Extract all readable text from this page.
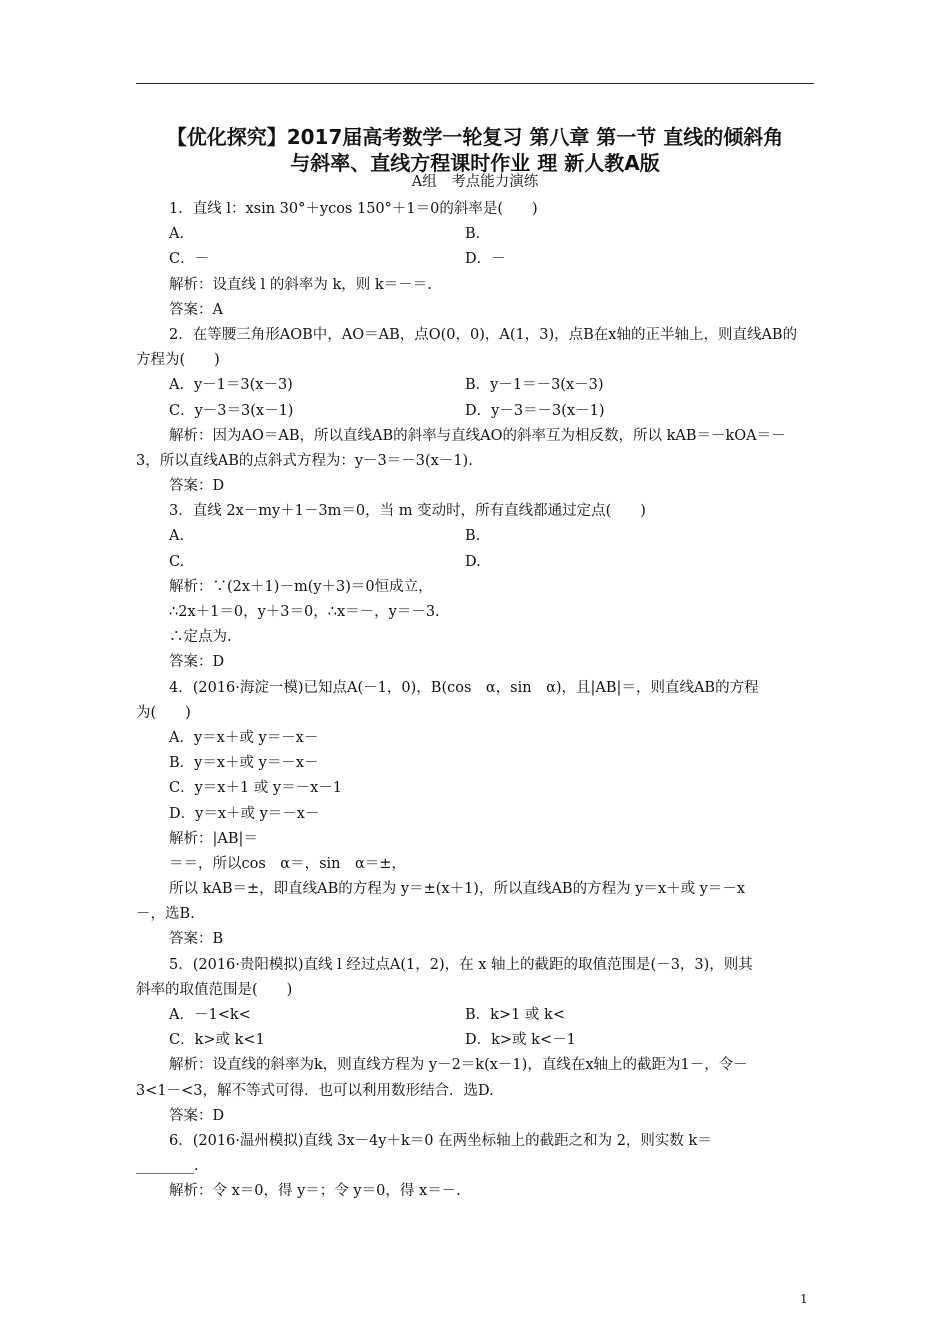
【优化探究】2017届高考数学一轮复习 第八章 第一节 直线的倾斜角
与斜率、直线方程课时作业 理 新人教A版
A组　考点能力演练
1．直线 l：xsin 30°＋ycos 150°＋1＝0的斜率是(　　)
A.	B.
C．－	D．－
解析：设直线 l 的斜率为 k，则 k＝－＝.
答案：A
2．在等腰三角形AOB中，AO＝AB，点O(0，0)，A(1，3)，点B在x轴的正半轴上，则直线AB的
方程为(　　)
A．y－1＝3(x－3)	B．y－1＝－3(x－3)
C．y－3＝3(x－1)	D．y－3＝－3(x－1)
解析：因为AO＝AB，所以直线AB的斜率与直线AO的斜率互为相反数，所以 kAB＝－kOA＝－
3，所以直线AB的点斜式方程为：y－3＝－3(x－1).
答案：D
3．直线 2x－my＋1－3m＝0，当 m 变动时，所有直线都通过定点(　　)
A.	B.
C.	D.
解析：∵(2x＋1)－m(y＋3)＝0恒成立，
∴2x＋1＝0，y＋3＝0，∴x＝－，y＝－3.
∴定点为.
答案：D
4．(2016·海淀一模)已知点A(－1，0)，B(cos　α，sin　α)，且|AB|＝，则直线AB的方程
为(　　)
A．y＝x＋或 y＝－x－
B．y＝x＋或 y＝－x－
C．y＝x＋1 或 y＝－x－1
D．y＝x＋或 y＝－x－
解析：|AB|＝
＝＝，所以cos　α＝，sin　α＝±，
所以 kAB＝±，即直线AB的方程为 y＝±(x＋1)，所以直线AB的方程为 y＝x＋或 y＝－x
－，选B.
答案：B
5．(2016·贵阳模拟)直线 l 经过点A(1，2)，在 x 轴上的截距的取值范围是(－3，3)，则其
斜率的取值范围是(　　)
A．－1<k<	B．k>1 或 k<
C．k>或 k<1	D．k>或 k<－1
解析：设直线的斜率为k，则直线方程为 y－2＝k(x－1)，直线在x轴上的截距为1－，令－
3<1－<3，解不等式可得．也可以利用数形结合．选D.
答案：D
6．(2016·温州模拟)直线 3x－4y＋k＝0 在两坐标轴上的截距之和为 2，则实数 k＝
________.
解析：令 x＝0，得 y＝；令 y＝0，得 x＝－.
1
